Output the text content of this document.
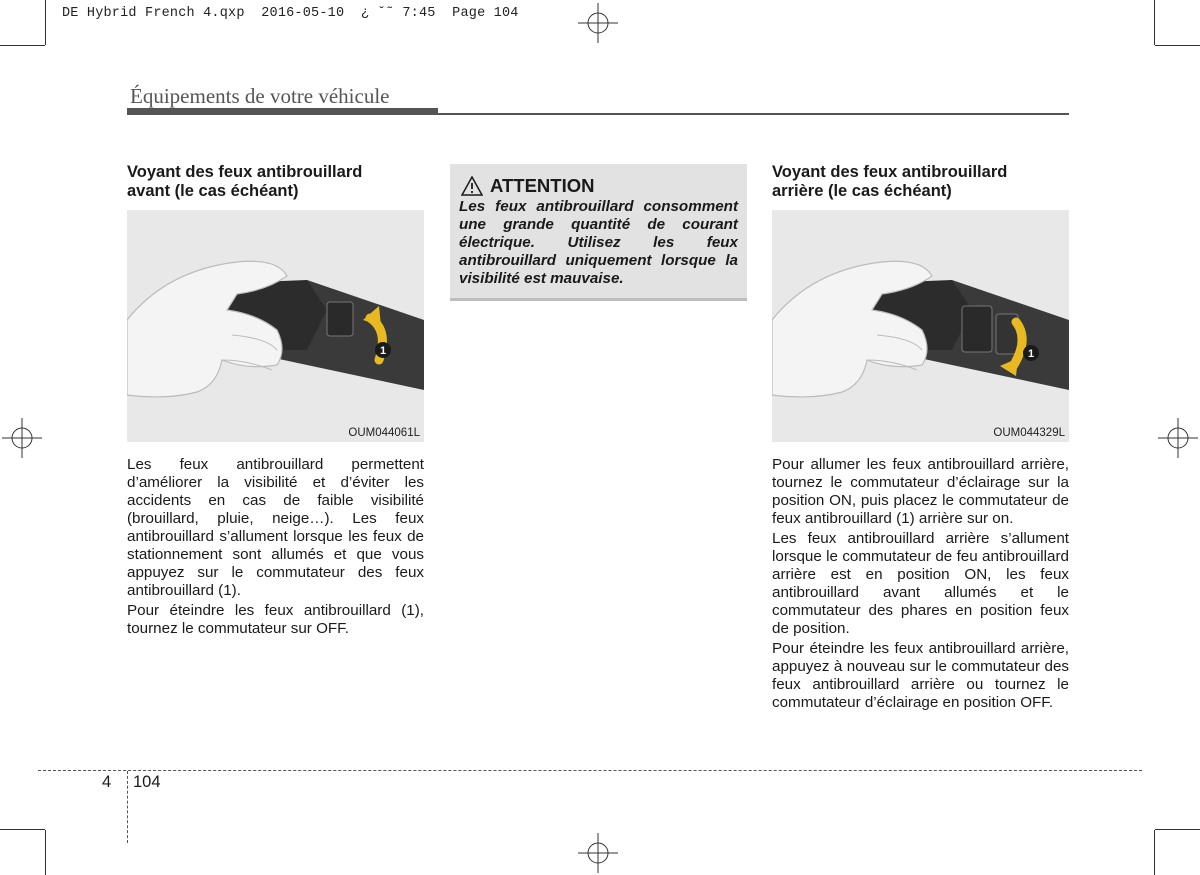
DE Hybrid French 4.qxp  2016-05-10  ¿ ˘˜ 7:45  Page 104
Équipements de votre véhicule
Voyant des feux antibrouillard
avant (le cas échéant)
1
OUM044061L

Les feux antibrouillard permettent d’améliorer la visibilité et d’éviter les accidents en cas de faible visibilité (brouillard, pluie, neige…). Les feux antibrouillard s’allument lorsque les feux de stationnement sont allumés et que vous appuyez sur le commutateur des feux antibrouillard (1).

Pour éteindre les feux antibrouillard (1), tournez le commutateur sur OFF.

ATTENTION
Les feux antibrouillard consomment une grande quantité de courant électrique. Utilisez les feux antibrouillard uniquement lorsque la visibilité est mauvaise.
Voyant des feux antibrouillard
arrière (le cas échéant)
1
OUM044329L

Pour allumer les feux antibrouillard arrière, tournez le commutateur d’éclairage sur la position ON, puis placez le commutateur de feux antibrouillard (1) arrière sur on.

Les feux antibrouillard arrière s’allument lorsque le commutateur de feu antibrouillard arrière est en position ON, les feux antibrouillard avant allumés et le commutateur des phares en position feux de position.

Pour éteindre les feux antibrouillard arrière, appuyez à nouveau sur le commutateur des feux antibrouillard arrière ou tournez le commutateur d’éclairage en position OFF.

4 104
